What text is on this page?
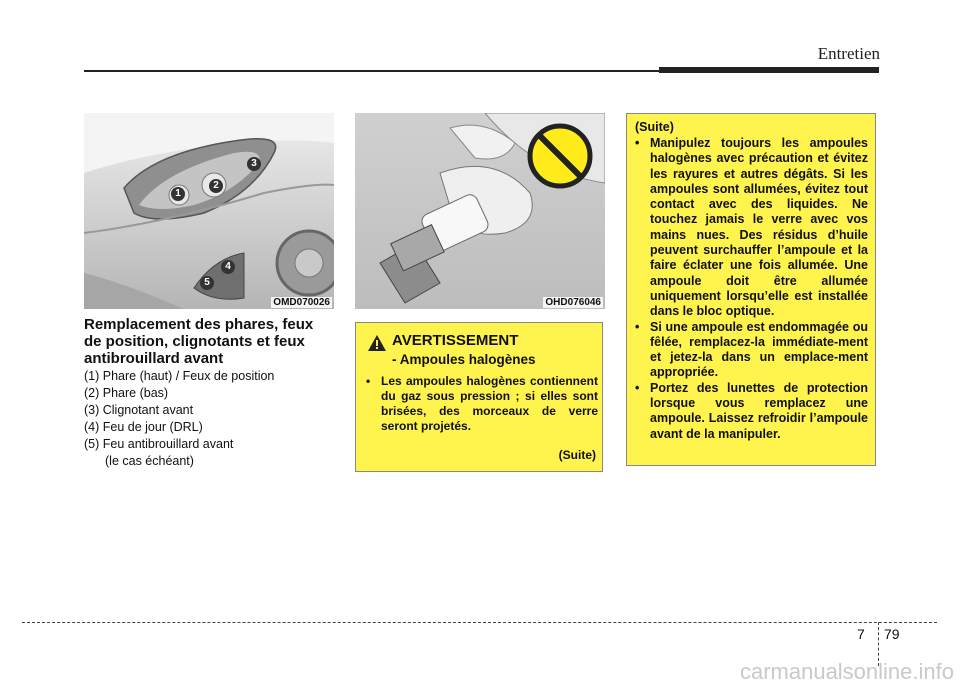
Entretien
1
2
3
4
5
OMD070026	OHD076046
Remplacement des phares, feux de position, clignotants et feux antibrouillard avant
(1) Phare (haut) / Feux de position
(2) Phare (bas)
(3) Clignotant avant
(4) Feu de jour (DRL)
(5) Feu antibrouillard avant
(le cas échéant)
AVERTISSEMENT
- Ampoules halogènes
• Les ampoules halogènes contiennent du gaz sous pression ; si elles sont brisées, des morceaux de verre seront projetés.
(Suite)
(Suite)
• Manipulez toujours les ampoules halogènes avec précaution et évitez les rayures et autres dégâts. Si les ampoules sont allumées, évitez tout contact avec des liquides. Ne touchez jamais le verre avec vos mains nues. Des résidus d’huile peuvent surchauffer l’ampoule et la faire éclater une fois allumée. Une ampoule doit être allumée uniquement lorsqu’elle est installée dans le bloc optique.
• Si une ampoule est endommagée ou fêlée, remplacez-la immédiate-ment et jetez-la dans un emplace-ment appropriée.
• Portez des lunettes de protection lorsque vous remplacez une ampoule. Laissez refroidir l’ampoule avant de la manipuler.
7 79
carmanualsonline.info
